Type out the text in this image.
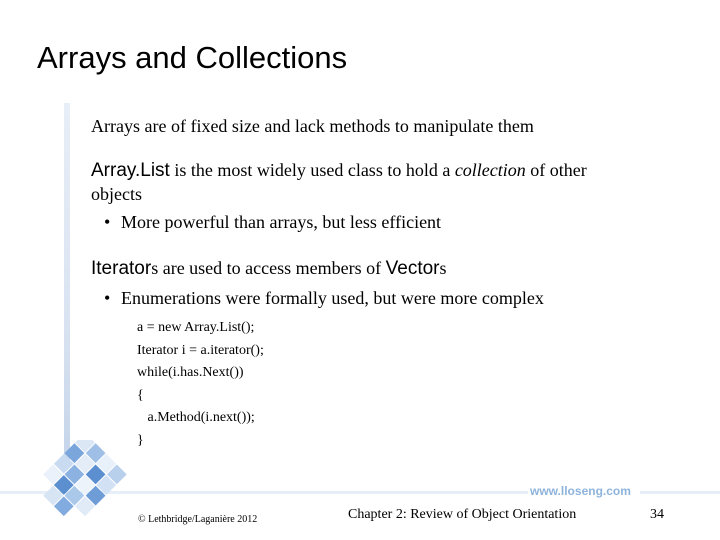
Arrays and Collections
Arrays are of fixed size and lack methods to manipulate them
Array.List is the most widely used class to hold a collection of other
objects
• More powerful than arrays, but less efficient
Iterators are used to access members of Vectors
• Enumerations were formally used, but were more complex
a = new Array.List();
Iterator i = a.iterator();
while(i.has.Next())
{
a.Method(i.next());
}
www.lloseng.com
© Lethbridge/Laganière 2012	Chapter 2: Review of Object Orientation	34
